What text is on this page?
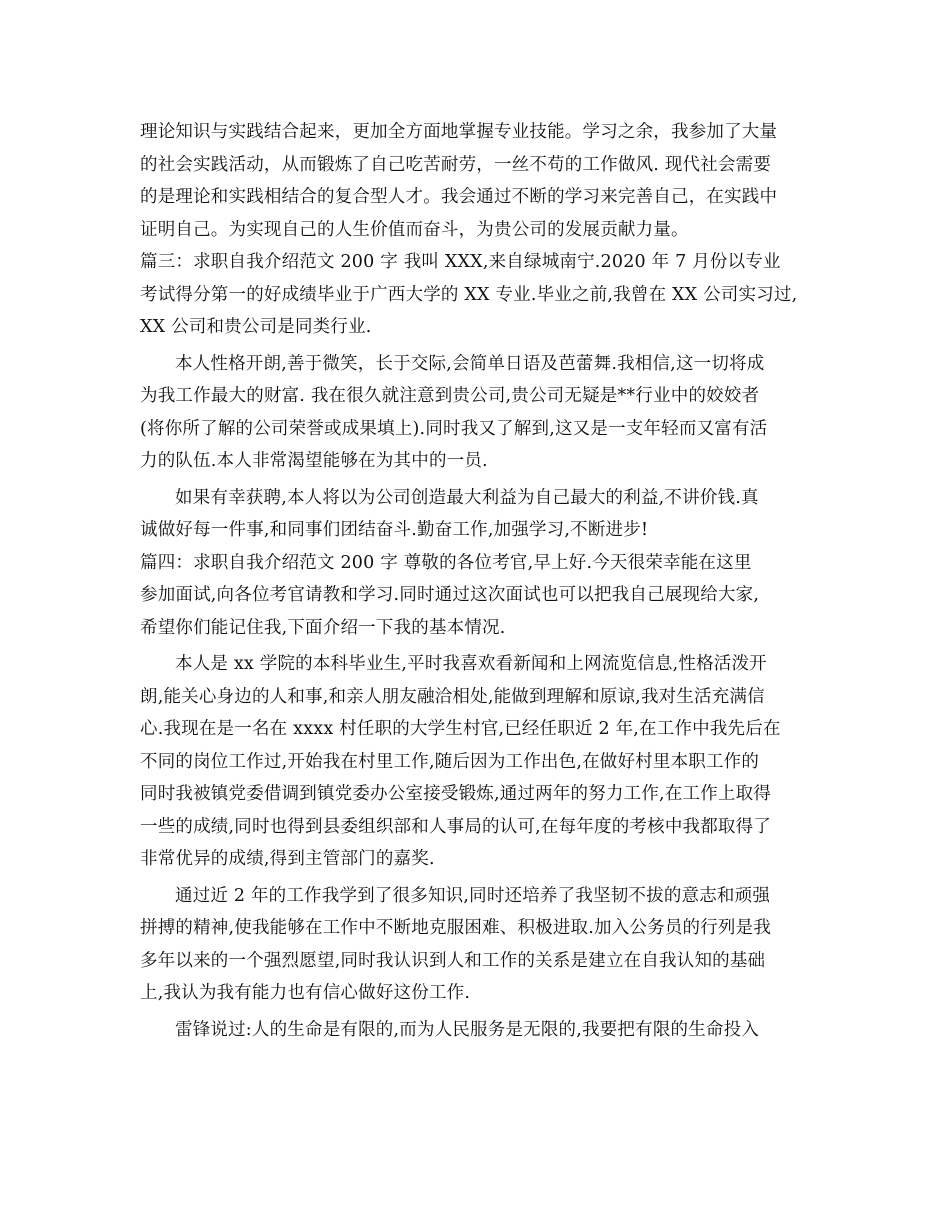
理论知识与实践结合起来，更加全方面地掌握专业技能。学习之余，我参加了大量
的社会实践活动，从而锻炼了自己吃苦耐劳，一丝不苟的工作做风. 现代社会需要
的是理论和实践相结合的复合型人才。我会通过不断的学习来完善自己，在实践中
证明自己。为实现自己的人生价值而奋斗，为贵公司的发展贡献力量。
篇三：求职自我介绍范文 200 字 我叫 XXX,来自绿城南宁.2020 年 7 月份以专业
考试得分第一的好成绩毕业于广西大学的 XX 专业.毕业之前,我曾在 XX 公司实习过,
XX 公司和贵公司是同类行业.
本人性格开朗,善于微笑，长于交际,会简单日语及芭蕾舞.我相信,这一切将成
为我工作最大的财富. 我在很久就注意到贵公司,贵公司无疑是**行业中的姣姣者
(将你所了解的公司荣誉或成果填上).同时我又了解到,这又是一支年轻而又富有活
力的队伍.本人非常渴望能够在为其中的一员.
如果有幸获聘,本人将以为公司创造最大利益为自己最大的利益,不讲价钱.真
诚做好每一件事,和同事们团结奋斗.勤奋工作,加强学习,不断进步!
篇四：求职自我介绍范文 200 字 尊敬的各位考官,早上好.今天很荣幸能在这里
参加面试,向各位考官请教和学习.同时通过这次面试也可以把我自己展现给大家,
希望你们能记住我,下面介绍一下我的基本情况.
本人是 xx 学院的本科毕业生,平时我喜欢看新闻和上网流览信息,性格活泼开
朗,能关心身边的人和事,和亲人朋友融洽相处,能做到理解和原谅,我对生活充满信
心.我现在是一名在 xxxx 村任职的大学生村官,已经任职近 2 年,在工作中我先后在
不同的岗位工作过,开始我在村里工作,随后因为工作出色,在做好村里本职工作的
同时我被镇党委借调到镇党委办公室接受锻炼,通过两年的努力工作,在工作上取得
一些的成绩,同时也得到县委组织部和人事局的认可,在每年度的考核中我都取得了
非常优异的成绩,得到主管部门的嘉奖.
通过近 2 年的工作我学到了很多知识,同时还培养了我坚韧不拔的意志和顽强
拼搏的精神,使我能够在工作中不断地克服困难、积极进取.加入公务员的行列是我
多年以来的一个强烈愿望,同时我认识到人和工作的关系是建立在自我认知的基础
上,我认为我有能力也有信心做好这份工作.
雷锋说过:人的生命是有限的,而为人民服务是无限的,我要把有限的生命投入
